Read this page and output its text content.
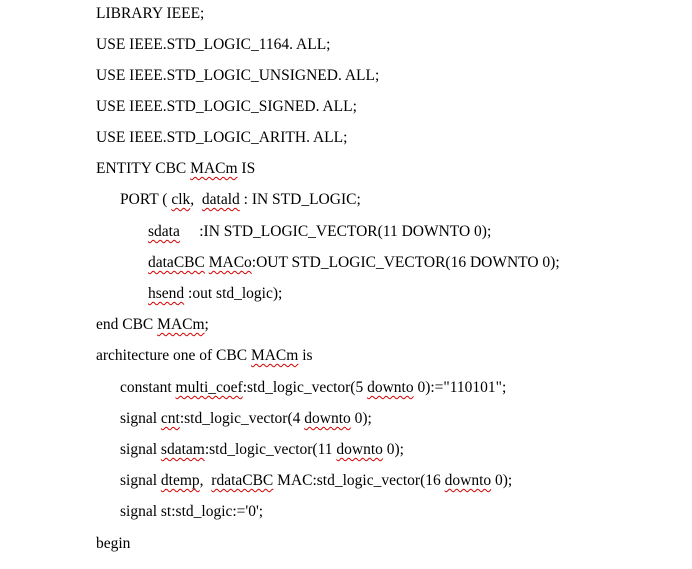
LIBRARY IEEE;
USE IEEE.STD_LOGIC_1164. ALL;
USE IEEE.STD_LOGIC_UNSIGNED. ALL;
USE IEEE.STD_LOGIC_SIGNED. ALL;
USE IEEE.STD_LOGIC_ARITH. ALL;
ENTITY CBC MACm IS
PORT ( clk,  datald : IN STD_LOGIC;
sdata     :IN STD_LOGIC_VECTOR(11 DOWNTO 0);
dataCBC MACo:OUT STD_LOGIC_VECTOR(16 DOWNTO 0);
hsend :out std_logic);
end CBC MACm;
architecture one of CBC MACm is
constant multi_coef:std_logic_vector(5 downto 0):="110101";
signal cnt:std_logic_vector(4 downto 0);
signal sdatam:std_logic_vector(11 downto 0);
signal dtemp,  rdataCBC MAC:std_logic_vector(16 downto 0);
signal st:std_logic:='0';
begin
